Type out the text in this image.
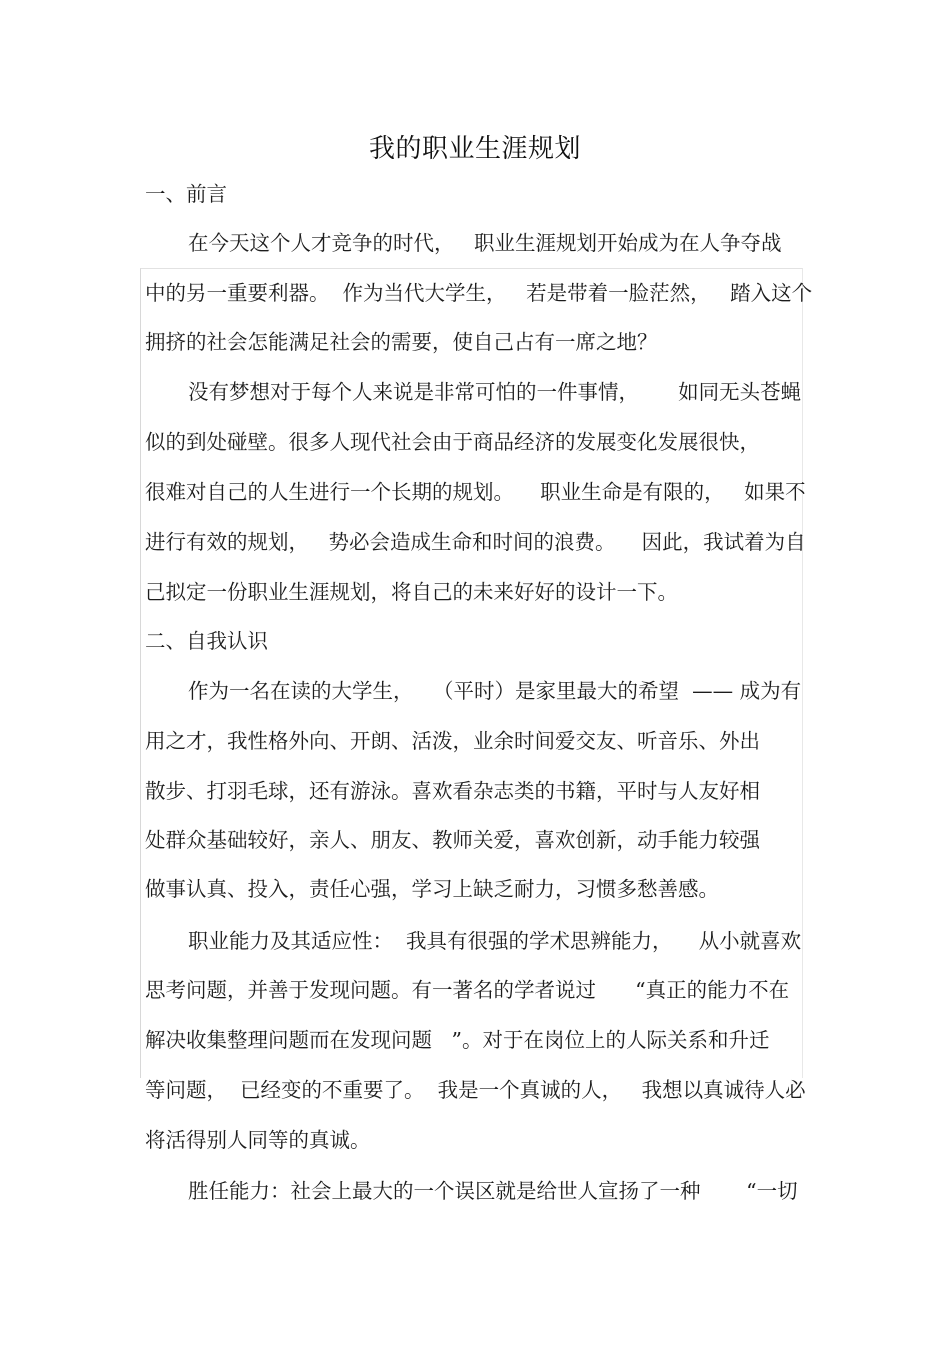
我的职业生涯规划
一、前言
在今天这个人才竞争的时代，   职业生涯规划开始成为在人争夺战
中的另一重要利器。  作为当代大学生，   若是带着一脸茫然，   踏入这个
拥挤的社会怎能满足社会的需要，使自己占有一席之地？
没有梦想对于每个人来说是非常可怕的一件事情，      如同无头苍蝇
似的到处碰壁。很多人现代社会由于商品经济的发展变化发展很快，
很难对自己的人生进行一个长期的规划。    职业生命是有限的，   如果不
进行有效的规划，   势必会造成生命和时间的浪费。    因此，我试着为自
己拟定一份职业生涯规划，将自己的未来好好的设计一下。
二、自我认识
作为一名在读的大学生，   （平时）是家里最大的希望  —— 成为有
用之才，我性格外向、开朗、活泼，业余时间爱交友、听音乐、外出
散步、打羽毛球，还有游泳。喜欢看杂志类的书籍，平时与人友好相
处群众基础较好，亲人、朋友、教师关爱，喜欢创新，动手能力较强
做事认真、投入，责任心强，学习上缺乏耐力，习惯多愁善感。
职业能力及其适应性：  我具有很强的学术思辨能力，    从小就喜欢
思考问题，并善于发现问题。有一著名的学者说过      “真正的能力不在
解决收集整理问题而在发现问题   ”。对于在岗位上的人际关系和升迁
等问题，  已经变的不重要了。  我是一个真诚的人，   我想以真诚待人必
将活得别人同等的真诚。
胜任能力：社会上最大的一个误区就是给世人宣扬了一种       “一切
